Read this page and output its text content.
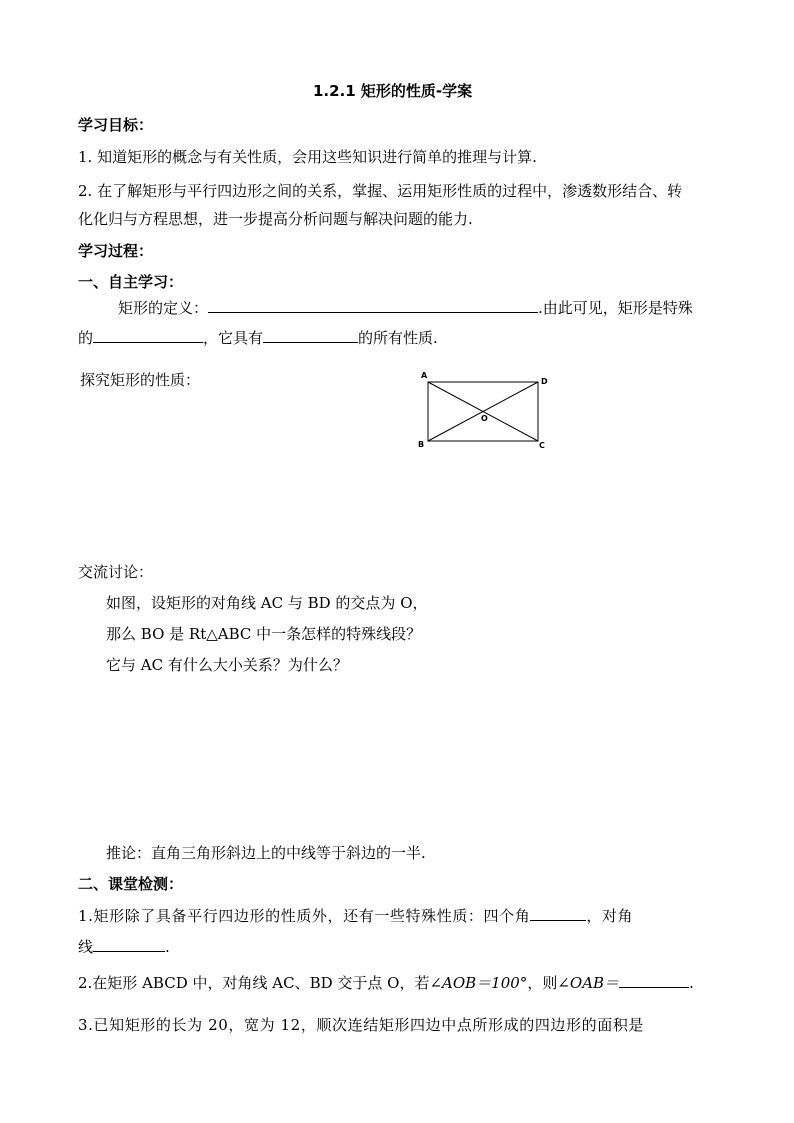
1.2.1 矩形的性质-学案
学习目标：
1. 知道矩形的概念与有关性质，会用这些知识进行简单的推理与计算.
2. 在了解矩形与平行四边形之间的关系，掌握、运用矩形性质的过程中，渗透数形结合、转
化化归与方程思想，进一步提高分析问题与解决问题的能力.
学习过程：
一、自主学习：
矩形的定义：	.由此可见，矩形是特殊
的	，它具有	的所有性质.
探究矩形的性质：	A
D
B	C
O
交流讨论：
如图，设矩形的对角线 AC 与 BD 的交点为 O，
那么 BO 是 Rt△ABC 中一条怎样的特殊线段？
它与 AC 有什么大小关系？为什么？
推论：直角三角形斜边上的中线等于斜边的一半.
二、课堂检测：
1.矩形除了具备平行四边形的性质外，还有一些特殊性质：四个角	，对角
线	.
2.在矩形 ABCD 中，对角线 AC、BD 交于点 O，若∠AOB＝100°，则∠OAB＝	.
3.已知矩形的长为 20，宽为 12，顺次连结矩形四边中点所形成的四边形的面积是
